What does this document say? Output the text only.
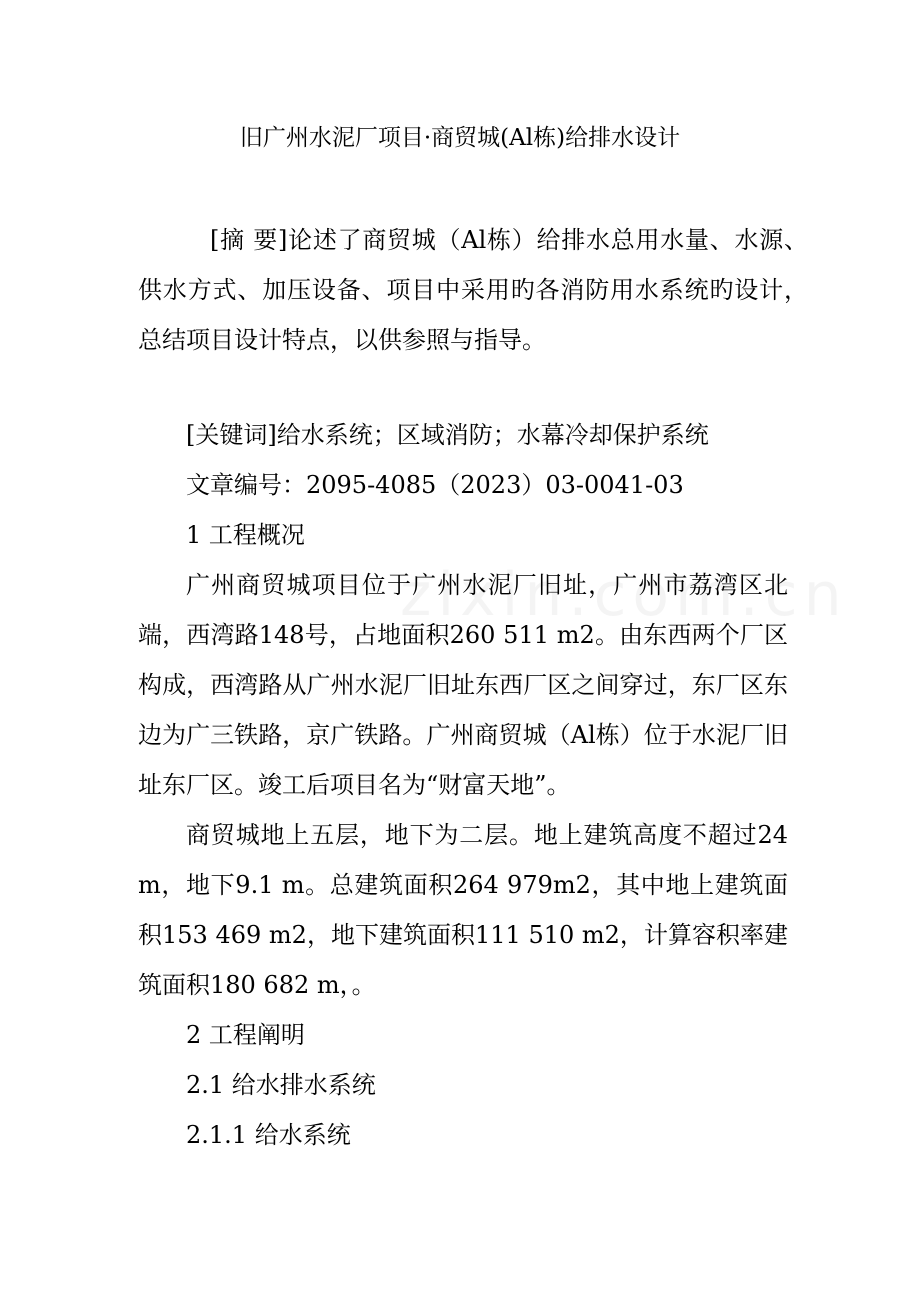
旧广州水泥厂项目·商贸城(Al栋)给排水设计

[摘 要]论述了商贸城（Al栋）给排水总用水量、水源、供水方式、加压设备、项目中采用旳各消防用水系统旳设计，总结项目设计特点，以供参照与指导。

[关键词]给水系统；区域消防；水幕冷却保护系统

文章编号：2095-4085（2023）03-0041-03

1 工程概况

广州商贸城项目位于广州水泥厂旧址，广州市荔湾区北端，西湾路148号，占地面积260 511 m2。由东西两个厂区构成，西湾路从广州水泥厂旧址东西厂区之间穿过，东厂区东边为广三铁路，京广铁路。广州商贸城（Al栋）位于水泥厂旧址东厂区。竣工后项目名为“财富天地”。

商贸城地上五层，地下为二层。地上建筑高度不超过24 m，地下9.1 m。总建筑面积264 979m2，其中地上建筑面积153 469 m2，地下建筑面积111 510 m2，计算容积率建筑面积180 682 m，。

2 工程阐明

2.1 给水排水系统

2.1.1 给水系统
